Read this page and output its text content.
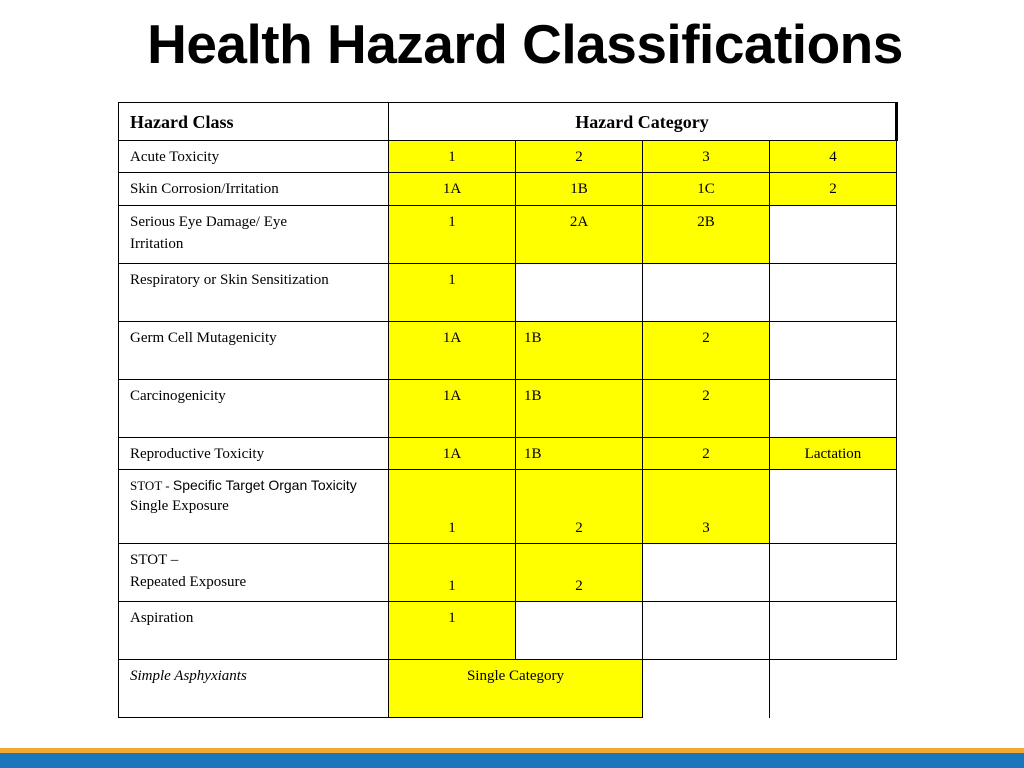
Health Hazard Classifications
Hazard Class	Hazard Category			
Acute Toxicity	1	2	3	4
Skin Corrosion/Irritation	1A	1B	1C	2
Serious Eye Damage/ Eye
Irritation	1	2A	2B	
Respiratory or Skin Sensitization	1			
Germ Cell Mutagenicity	1A	1B	2	
Carcinogenicity	1A	1B	2	
Reproductive Toxicity	1A	1B	2	Lactation
STOT - Specific Target Organ Toxicity
Single Exposure	1	2	3	
STOT –
Repeated Exposure	1	2		
Aspiration	1			
Simple Asphyxiants	Single Category			
